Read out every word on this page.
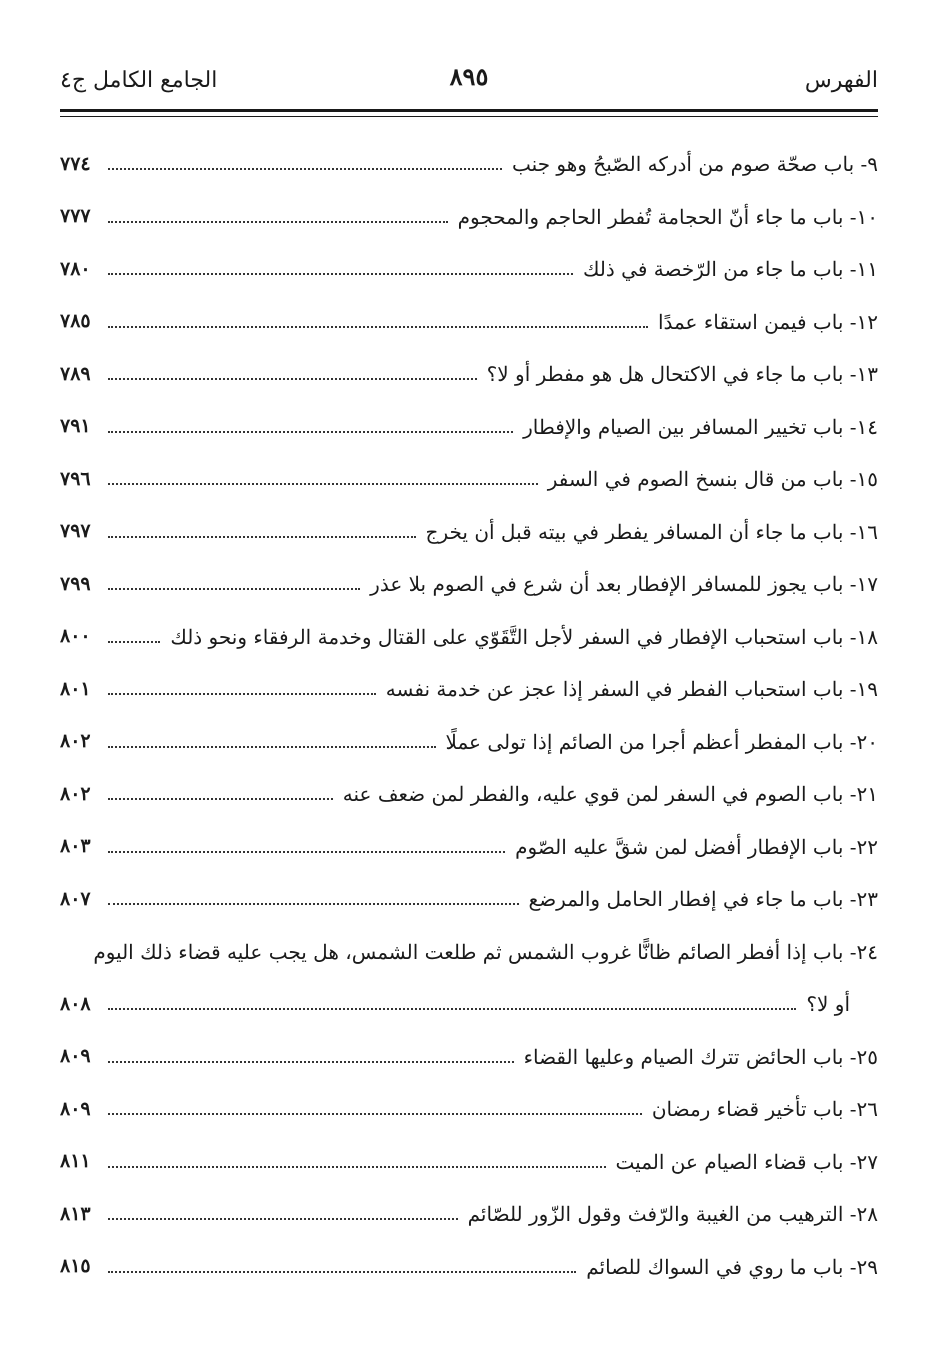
الفهرس
٨٩٥
الجامع الكامل ج٤
٩- باب صحّة صوم من أدركه الصّبحُ وهو جنب
٧٧٤
١٠- باب ما جاء أنّ الحجامة تُفطر الحاجم والمحجوم
٧٧٧
١١- باب ما جاء من الرّخصة في ذلك
٧٨٠
١٢- باب فيمن استقاء عمدًا
٧٨٥
١٣- باب ما جاء في الاكتحال هل هو مفطر أو لا؟
٧٨٩
١٤- باب تخيير المسافر بين الصيام والإفطار
٧٩١
١٥- باب من قال بنسخ الصوم في السفر
٧٩٦
١٦- باب ما جاء أن المسافر يفطر في بيته قبل أن يخرج
٧٩٧
١٧- باب يجوز للمسافر الإفطار بعد أن شرع في الصوم بلا عذر
٧٩٩
١٨- باب استحباب الإفطار في السفر لأجل التَّقَوّي على القتال وخدمة الرفقاء ونحو ذلك
٨٠٠
١٩- باب استحباب الفطر في السفر إذا عجز عن خدمة نفسه
٨٠١
٢٠- باب المفطر أعظم أجرا من الصائم إذا تولى عملًا
٨٠٢
٢١- باب الصوم في السفر لمن قوي عليه، والفطر لمن ضعف عنه
٨٠٢
٢٢- باب الإفطار أفضل لمن شقَّ عليه الصّوم
٨٠٣
٢٣- باب ما جاء في إفطار الحامل والمرضع
٨٠٧
٢٤- باب إذا أفطر الصائم ظانًّا غروب الشمس ثم طلعت الشمس، هل يجب عليه قضاء ذلك اليوم
أو لا؟
٨٠٨
٢٥- باب الحائض تترك الصيام وعليها القضاء
٨٠٩
٢٦- باب تأخير قضاء رمضان
٨٠٩
٢٧- باب قضاء الصيام عن الميت
٨١١
٢٨- الترهيب من الغيبة والرّفث وقول الزّور للصّائم
٨١٣
٢٩- باب ما روي في السواك للصائم
٨١٥
